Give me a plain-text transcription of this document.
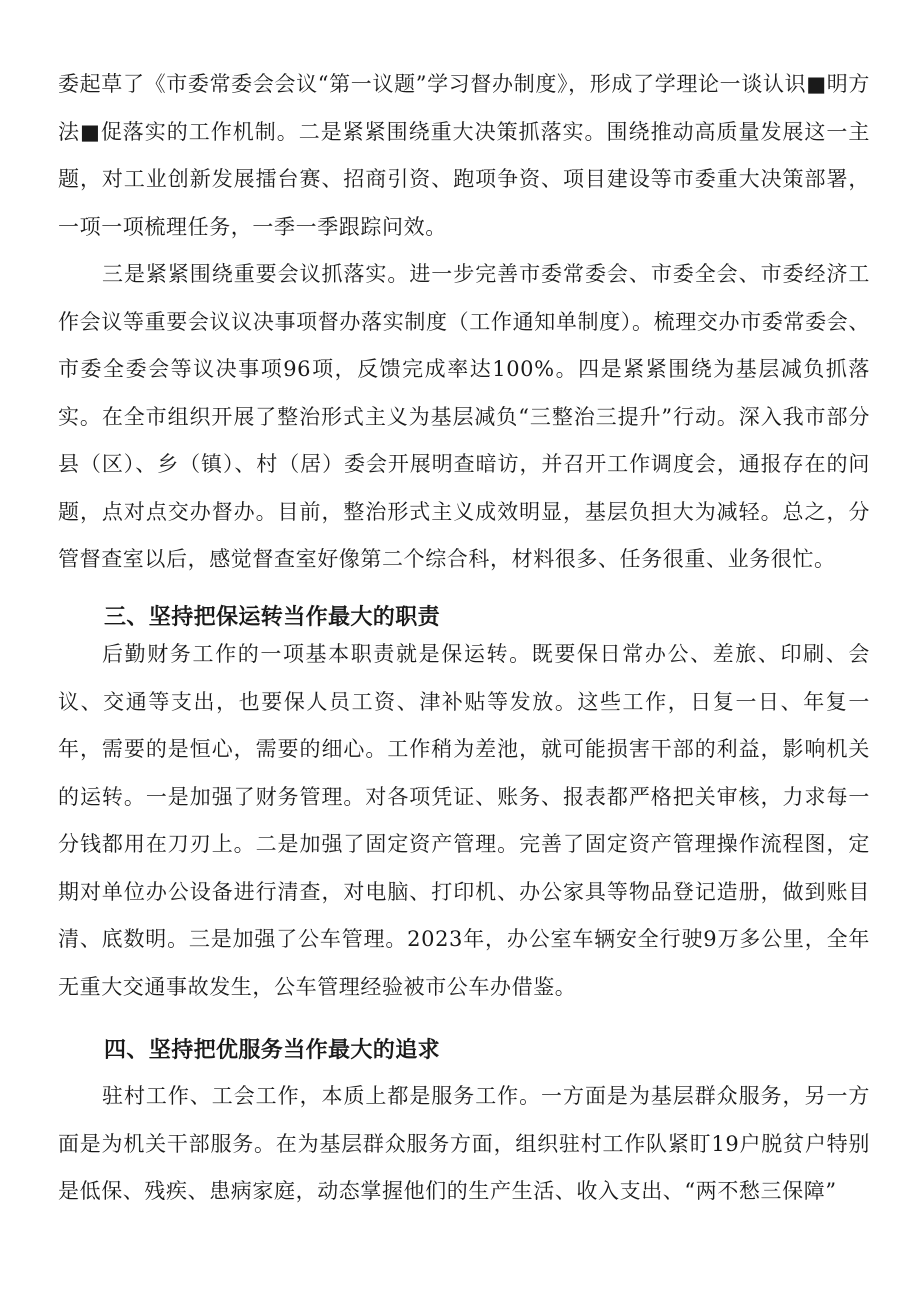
委起草了《市委常委会会议“第一议题”学习督办制度》，形成了学理论一谈认识■明方法■促落实的工作机制。二是紧紧围绕重大决策抓落实。围绕推动高质量发展这一主题，对工业创新发展擂台赛、招商引资、跑项争资、项目建设等市委重大决策部署，一项一项梳理任务，一季一季跟踪问效。

三是紧紧围绕重要会议抓落实。进一步完善市委常委会、市委全会、市委经济工作会议等重要会议议决事项督办落实制度（工作通知单制度）。梳理交办市委常委会、市委全委会等议决事项96项，反馈完成率达100%。四是紧紧围绕为基层减负抓落实。在全市组织开展了整治形式主义为基层减负“三整治三提升”行动。深入我市部分县（区）、乡（镇）、村（居）委会开展明查暗访，并召开工作调度会，通报存在的问题，点对点交办督办。目前，整治形式主义成效明显，基层负担大为减轻。总之，分管督查室以后，感觉督查室好像第二个综合科，材料很多、任务很重、业务很忙。

三、坚持把保运转当作最大的职责

后勤财务工作的一项基本职责就是保运转。既要保日常办公、差旅、印刷、会议、交通等支出，也要保人员工资、津补贴等发放。这些工作，日复一日、年复一年，需要的是恒心，需要的细心。工作稍为差池，就可能损害干部的利益，影响机关的运转。一是加强了财务管理。对各项凭证、账务、报表都严格把关审核，力求每一分钱都用在刀刃上。二是加强了固定资产管理。完善了固定资产管理操作流程图，定期对单位办公设备进行清查，对电脑、打印机、办公家具等物品登记造册，做到账目清、底数明。三是加强了公车管理。2023年，办公室车辆安全行驶9万多公里，全年无重大交通事故发生，公车管理经验被市公车办借鉴。

四、坚持把优服务当作最大的追求

驻村工作、工会工作，本质上都是服务工作。一方面是为基层群众服务，另一方面是为机关干部服务。在为基层群众服务方面，组织驻村工作队紧盯19户脱贫户特别是低保、残疾、患病家庭，动态掌握他们的生产生活、收入支出、“两不愁三保障”
